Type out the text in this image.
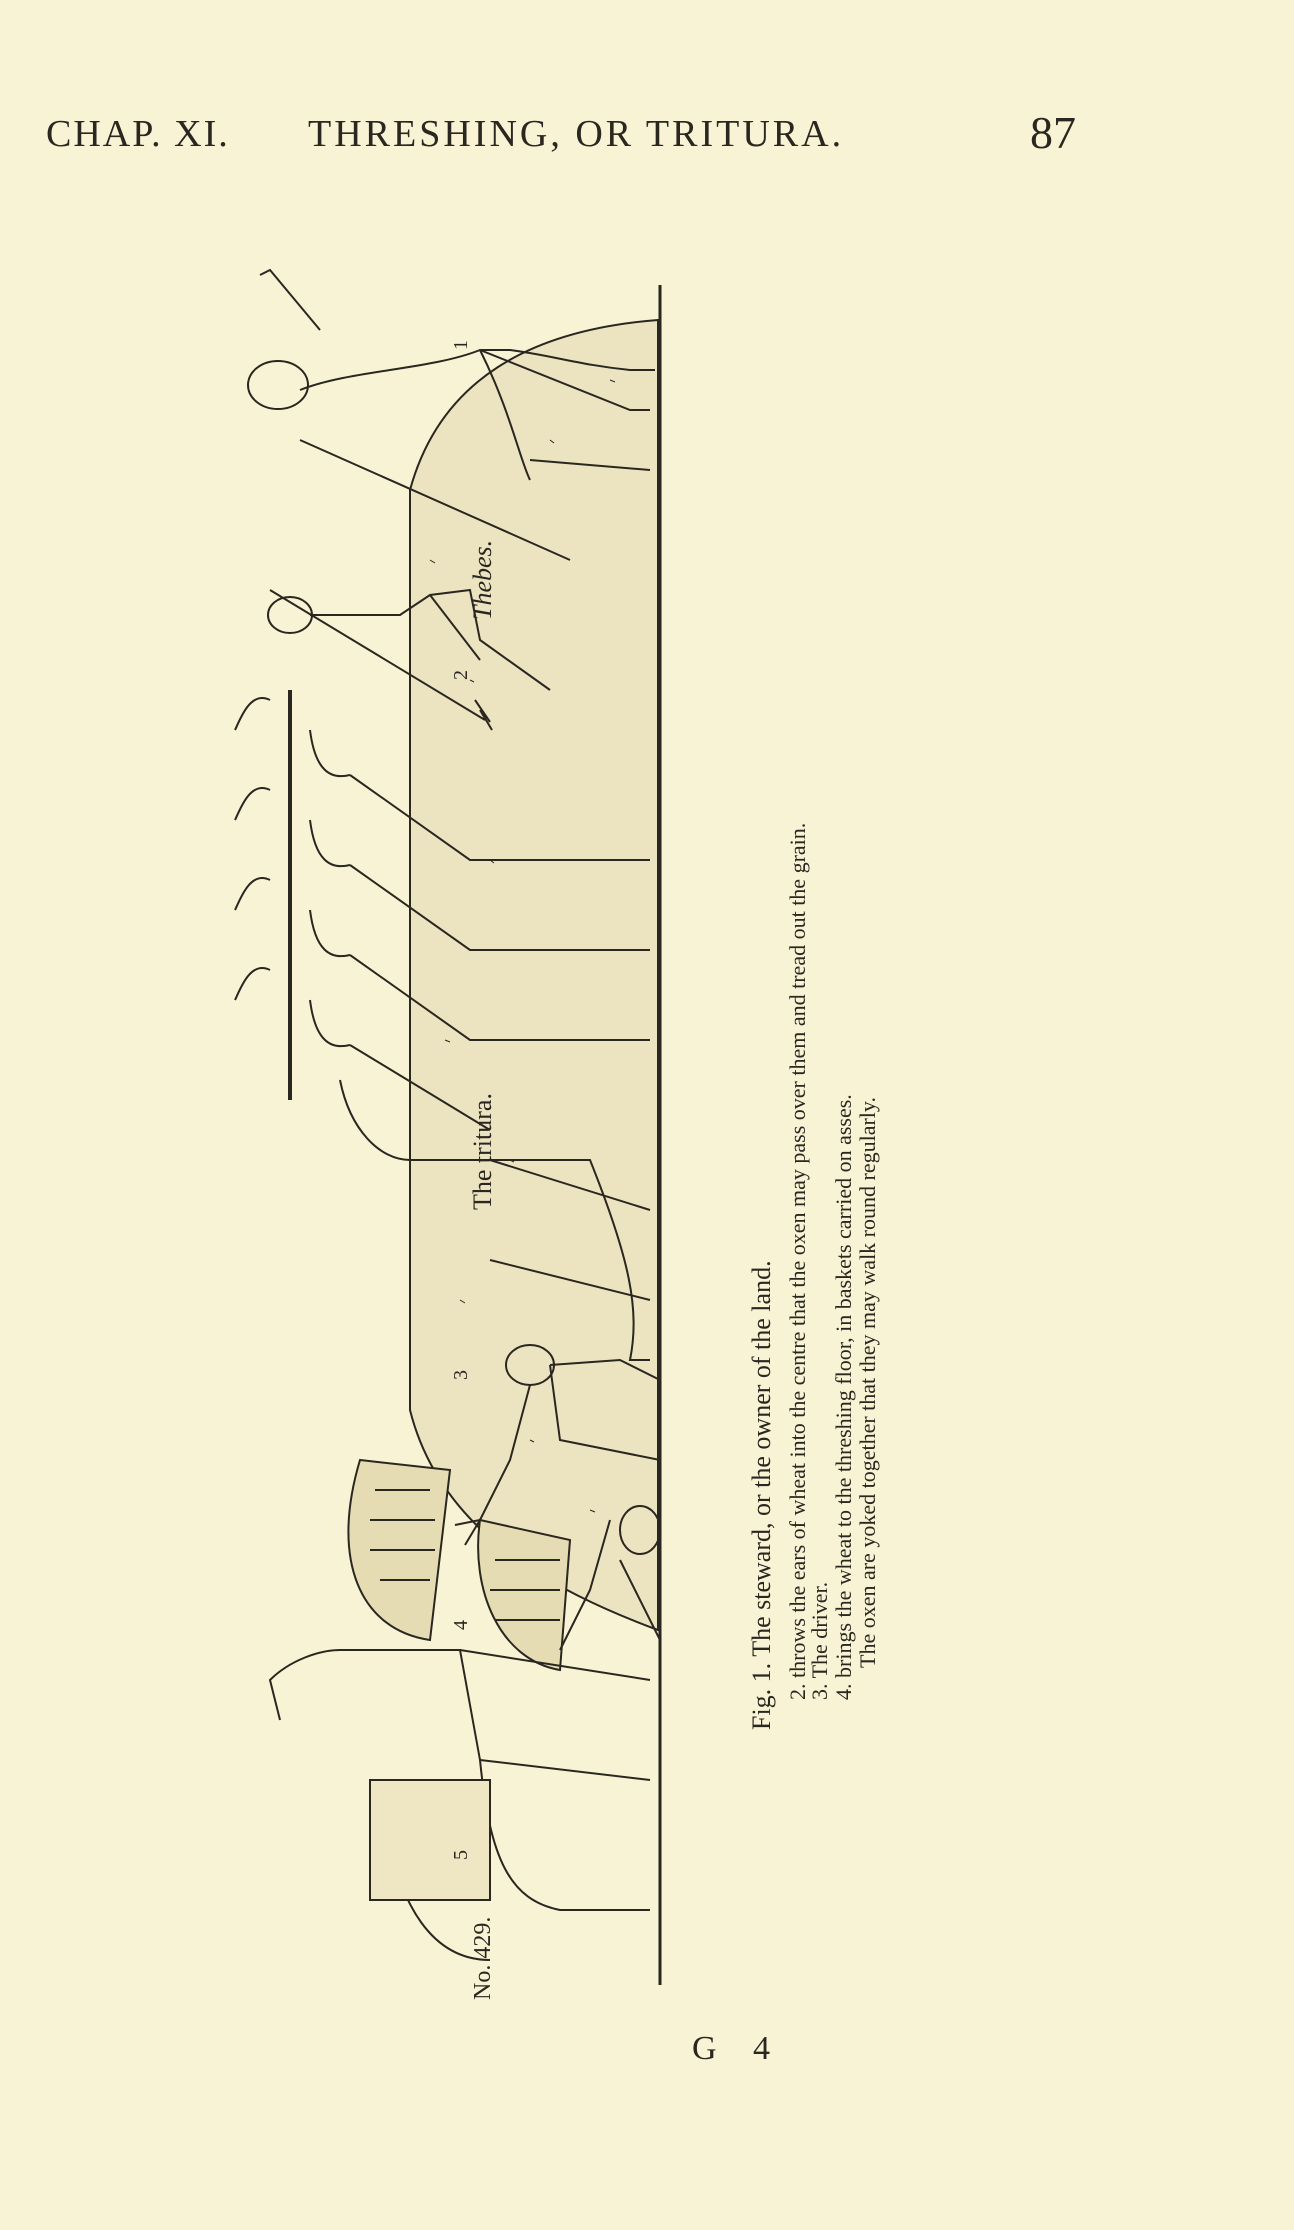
CHAP. XI. THRESHING, OR TRITURA.	87
No. 429.
Thebes.
The tritura.
1
2
3
4
5
Fig. 1. The steward, or the owner of the land. 2. throws the ears of wheat into the centre that the oxen may pass over them and tread out the grain.
3. The driver. 4. brings the wheat to the threshing floor, in baskets carried on asses. The oxen are yoked together that they may walk round regularly.
G 4
